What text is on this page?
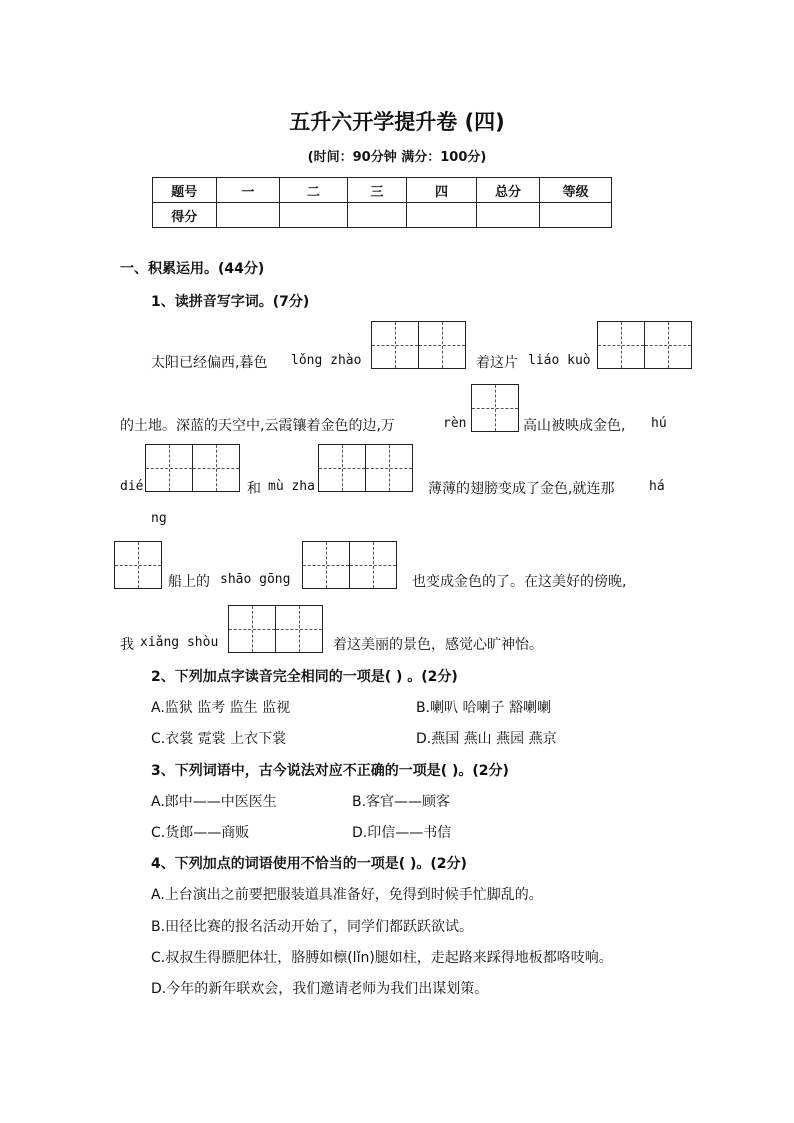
五升六开学提升卷 (四)
(时间：90分钟 满分：100分)
题号	一	二	三	四	总分	等级
得分						
一、积累运用。(44分)
1、读拼音写字词。(7分)
太阳已经偏西,暮色 lǒng zhào	着这片 liáo kuò
的土地。深蓝的天空中,云霞镶着金色的边,万	rèn	高山被映成金色, hú
dié	和 mù zha	薄薄的翅膀变成了金色,就连那	há
ng
船上的 shāo gōng	也变成金色的了。在这美好的傍晚,
我 xiǎng shòu	着这美丽的景色，感觉心旷神怡。
2、下列加点字读音完全相同的一项是( ) 。(2分)
A.监狱 监考 监生 监视	B.喇叭 哈喇子 豁喇喇
C.衣裳 霓裳 上衣下裳	D.燕国 燕山 燕园 燕京
3、下列词语中，古今说法对应不正确的一项是( )。(2分)
A.郎中——中医医生	B.客官——顾客
C.货郎——商贩	D.印信——书信
4、下列加点的词语使用不恰当的一项是( )。(2分)
A.上台演出之前要把服装道具准备好，免得到时候手忙脚乱的。
B.田径比赛的报名活动开始了，同学们都跃跃欲试。
C.叔叔生得膘肥体壮，胳膊如檩(lǐn)腿如柱，走起路来踩得地板都咯吱响。
D.今年的新年联欢会，我们邀请老师为我们出谋划策。
